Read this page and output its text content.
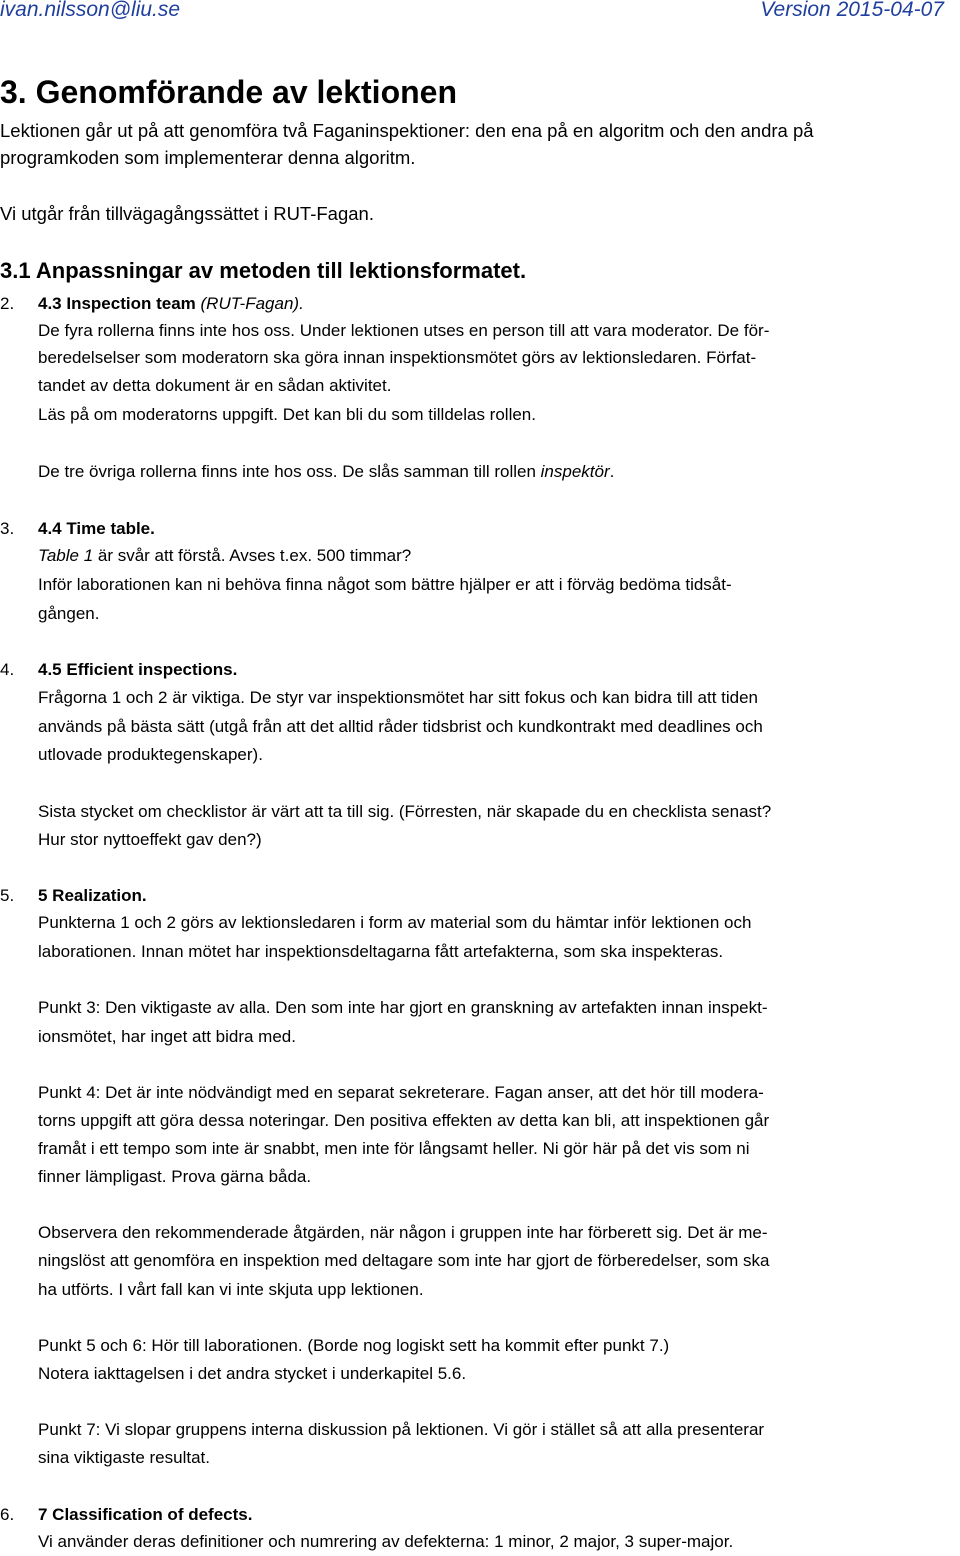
ivan.nilsson@liu.se	Version 2015-04-07
3. Genomförande av lektionen
Lektionen går ut på att genomföra två Faganinspektioner: den ena på en algoritm och den andra på
programkoden som implementerar denna algoritm.
Vi utgår från tillvägagångssättet i RUT-Fagan.
3.1 Anpassningar av metoden till lektionsformatet.
2. 4.3 Inspection team (RUT-Fagan).
De fyra rollerna finns inte hos oss. Under lektionen utses en person till att vara moderator. De för-
beredelselser som moderatorn ska göra innan inspektionsmötet görs av lektionsledaren. Förfat-
tandet av detta dokument är en sådan aktivitet.
Läs på om moderatorns uppgift. Det kan bli du som tilldelas rollen.
De tre övriga rollerna finns inte hos oss. De slås samman till rollen inspektör.
3. 4.4 Time table.
Table 1 är svår att förstå. Avses t.ex. 500 timmar?
Inför laborationen kan ni behöva finna något som bättre hjälper er att i förväg bedöma tidsåt-
gången.
4. 4.5 Efficient inspections.
Frågorna 1 och 2 är viktiga. De styr var inspektionsmötet har sitt fokus och kan bidra till att tiden
används på bästa sätt (utgå från att det alltid råder tidsbrist och kundkontrakt med deadlines och
utlovade produktegenskaper).
Sista stycket om checklistor är värt att ta till sig. (Förresten, när skapade du en checklista senast?
Hur stor nyttoeffekt gav den?)
5. 5 Realization.
Punkterna 1 och 2 görs av lektionsledaren i form av material som du hämtar inför lektionen och
laborationen. Innan mötet har inspektionsdeltagarna fått artefakterna, som ska inspekteras.
Punkt 3: Den viktigaste av alla. Den som inte har gjort en granskning av artefakten innan inspekt-
ionsmötet, har inget att bidra med.
Punkt 4: Det är inte nödvändigt med en separat sekreterare. Fagan anser, att det hör till modera-
torns uppgift att göra dessa noteringar. Den positiva effekten av detta kan bli, att inspektionen går
framåt i ett tempo som inte är snabbt, men inte för långsamt heller. Ni gör här på det vis som ni
finner lämpligast. Prova gärna båda.
Observera den rekommenderade åtgärden, när någon i gruppen inte har förberett sig. Det är me-
ningslöst att genomföra en inspektion med deltagare som inte har gjort de förberedelser, som ska
ha utförts. I vårt fall kan vi inte skjuta upp lektionen.
Punkt 5 och 6: Hör till laborationen. (Borde nog logiskt sett ha kommit efter punkt 7.)
Notera iakttagelsen i det andra stycket i underkapitel 5.6.
Punkt 7: Vi slopar gruppens interna diskussion på lektionen. Vi gör i stället så att alla presenterar
sina viktigaste resultat.
6. 7 Classification of defects.
Vi använder deras definitioner och numrering av defekterna: 1 minor, 2 major, 3 super-major.
